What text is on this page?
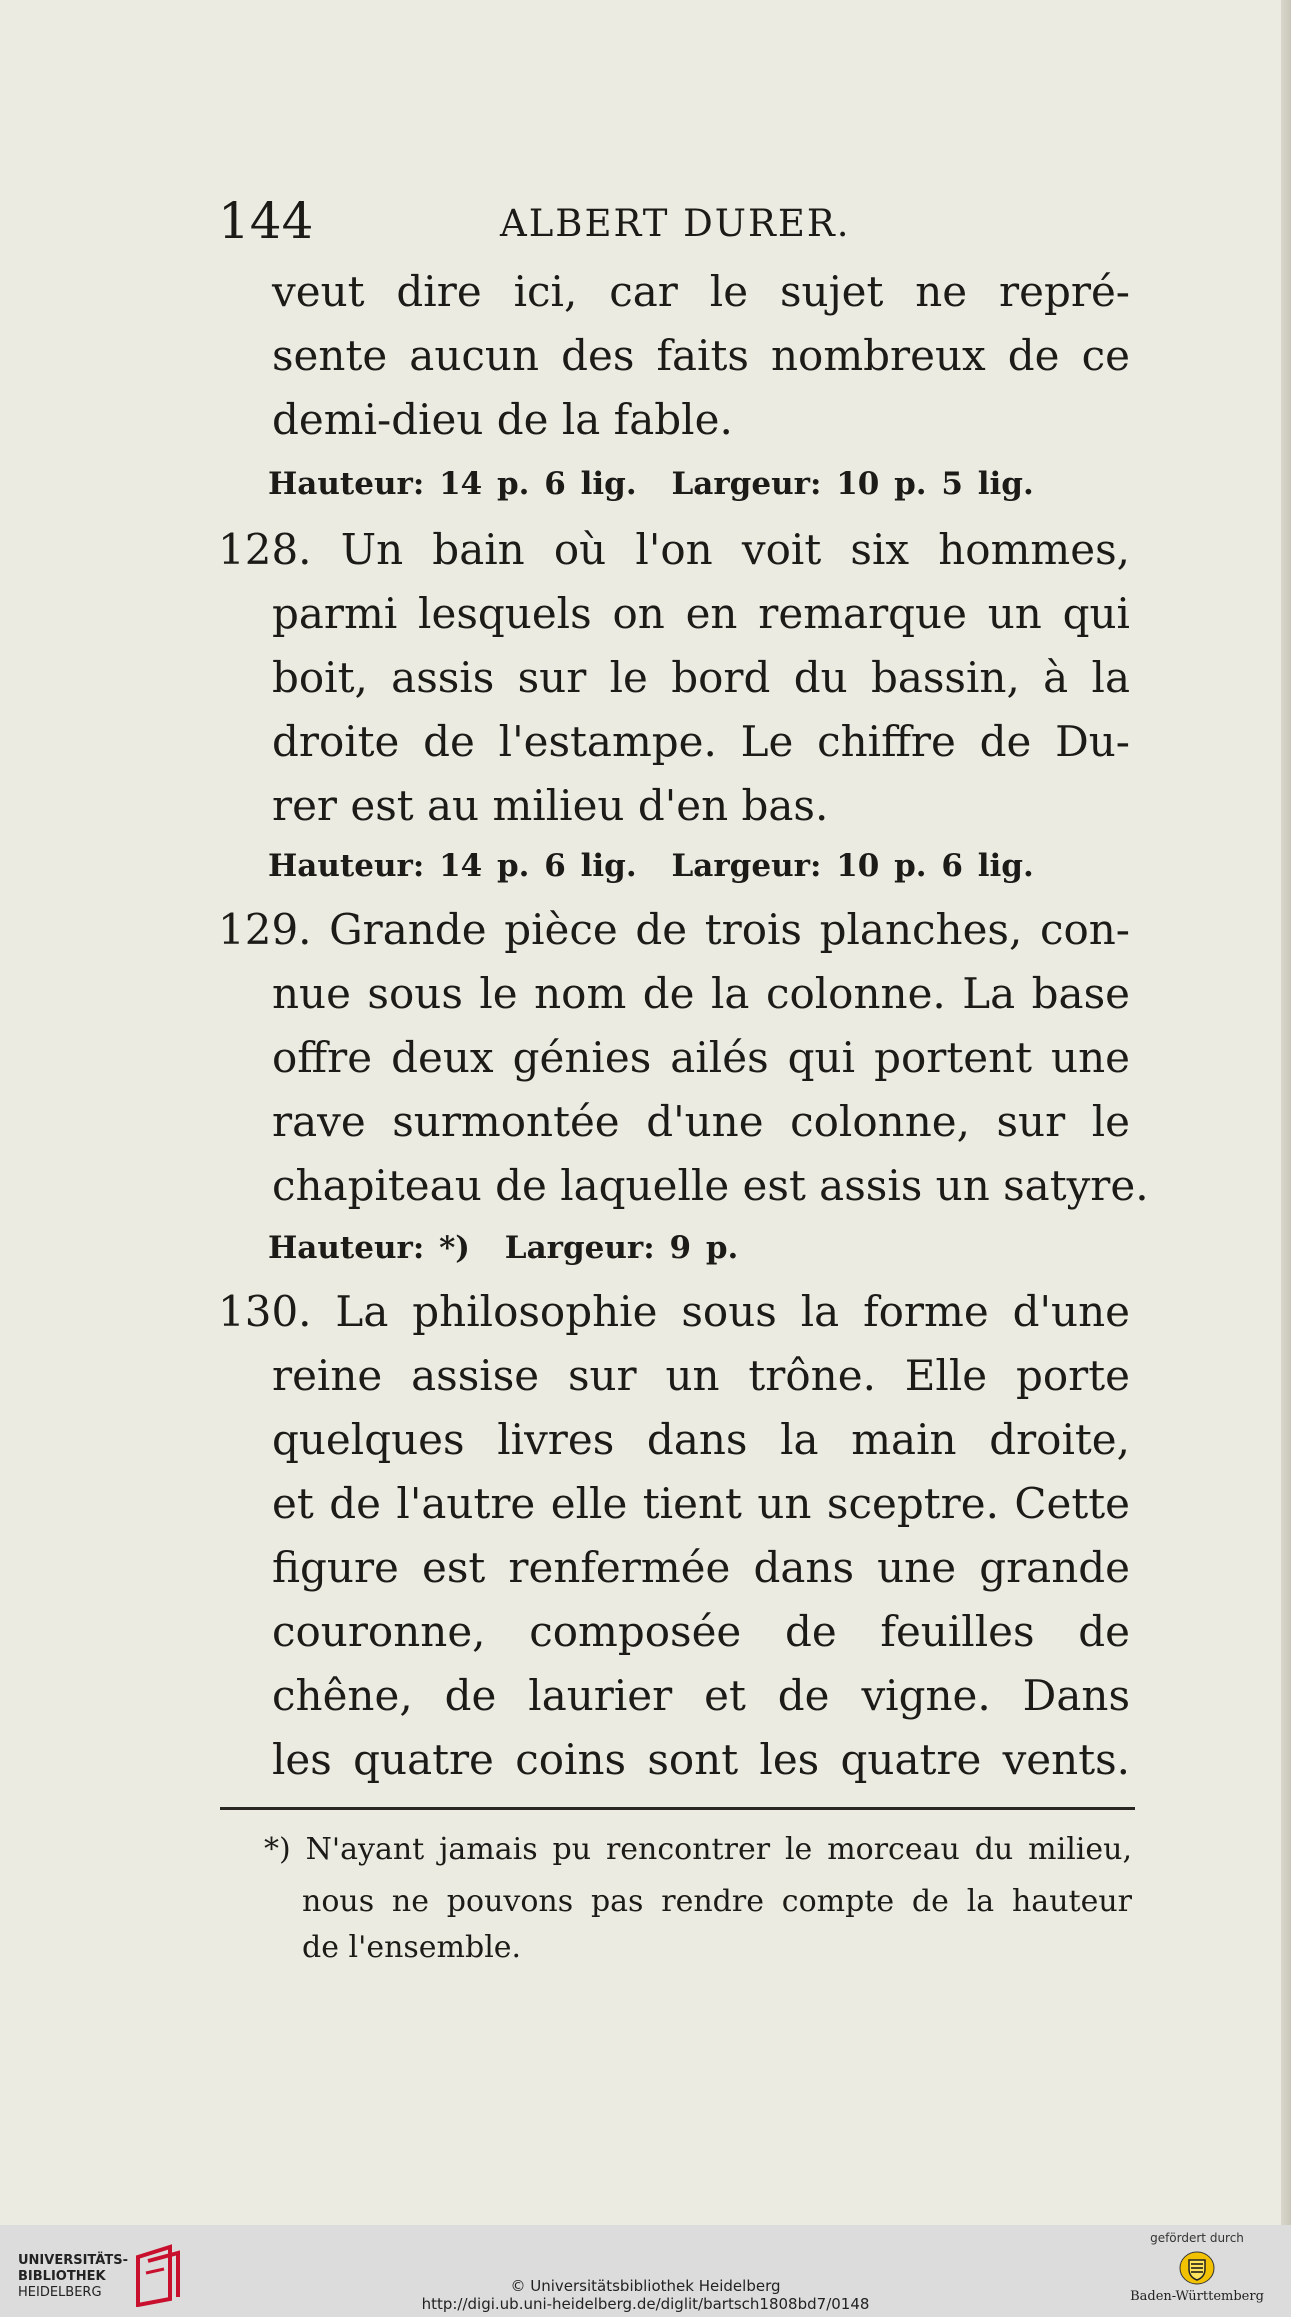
144	ALBERT DURER.
veut dire ici, car le sujet ne repré-
sente aucun des faits nombreux de ce
demi-dieu de la fable.
Hauteur: 14 p. 6 lig. Largeur: 10 p. 5 lig.
128. Un bain où l'on voit six hommes,
parmi lesquels on en remarque un qui
boit, assis sur le bord du bassin, à la
droite de l'estampe. Le chiffre de Du-
rer est au milieu d'en bas.
Hauteur: 14 p. 6 lig. Largeur: 10 p. 6 lig.
129. Grande pièce de trois planches, con-
nue sous le nom de la colonne. La base
offre deux génies ailés qui portent une
rave surmontée d'une colonne, sur le
chapiteau de laquelle est assis un satyre.
Hauteur: *) Largeur: 9 p.
130. La philosophie sous la forme d'une
reine assise sur un trône. Elle porte
quelques livres dans la main droite,
et de l'autre elle tient un sceptre. Cette
figure est renfermée dans une grande
couronne, composée de feuilles de
chêne, de laurier et de vigne. Dans
les quatre coins sont les quatre vents.
*) N'ayant jamais pu rencontrer le morceau du milieu,
nous ne pouvons pas rendre compte de la hauteur
de l'ensemble.
UNIVERSITÄTS-
BIBLIOTHEK
HEIDELBERG	© Universitätsbibliothek Heidelberg
http://digi.ub.uni-heidelberg.de/diglit/bartsch1808bd7/0148
gefördert durch
Baden-Württemberg
